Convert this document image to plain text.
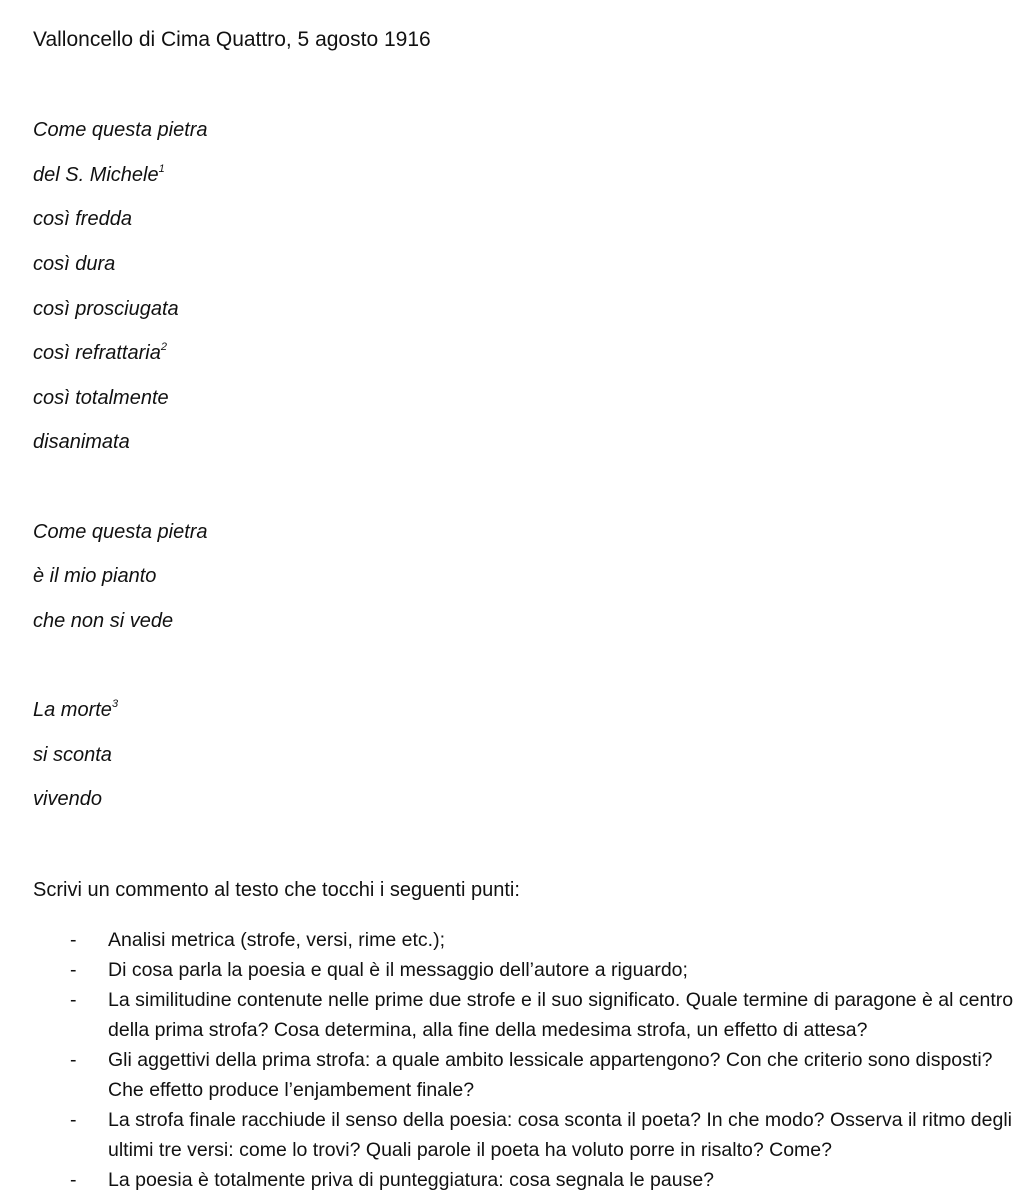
Valloncello di Cima Quattro, 5 agosto 1916
Come questa pietra
del S. Michele$^1$
così fredda
così dura
così prosciugata
così refrattaria$^2$
così totalmente
disanimata
Come questa pietra
è il mio pianto
che non si vede
La morte$^3$
si sconta
vivendo
Scrivi un commento al testo che tocchi i seguenti punti:
- Analisi metrica (strofe, versi, rime etc.);
- Di cosa parla la poesia e qual è il messaggio dell’autore a riguardo;
- La similitudine contenute nelle prime due strofe e il suo significato. Quale termine di paragone è al centro della prima strofa? Cosa determina, alla fine della medesima strofa, un effetto di attesa?
- Gli aggettivi della prima strofa: a quale ambito lessicale appartengono? Con che criterio sono disposti? Che effetto produce l’enjambement finale?
- La strofa finale racchiude il senso della poesia: cosa sconta il poeta? In che modo? Osserva il ritmo degli ultimi tre versi: come lo trovi? Quali parole il poeta ha voluto porre in risalto? Come?
- La poesia è totalmente priva di punteggiatura: cosa segnala le pause?
